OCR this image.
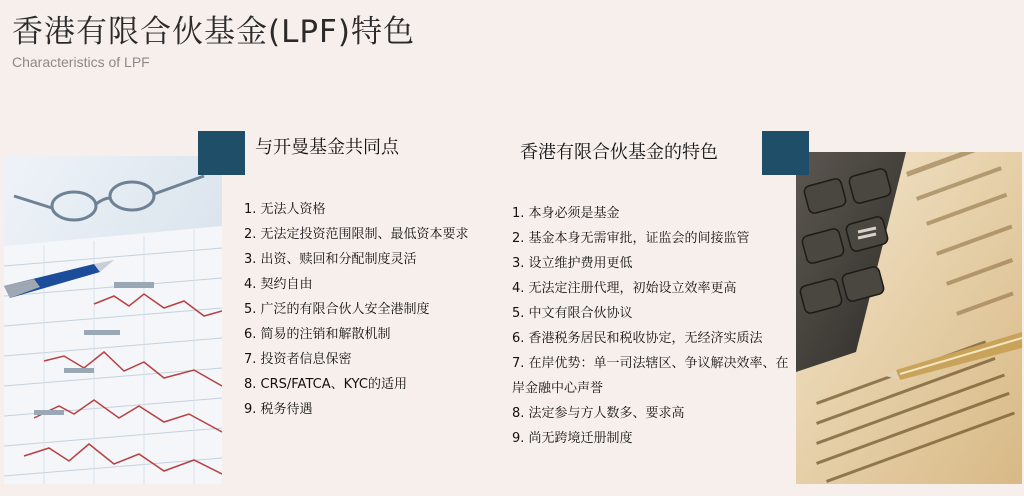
香港有限合伙基金(LPF)特色
Characteristics of LPF
与开曼基金共同点	香港有限合伙基金的特色
1. 无法人资格
2. 无法定投资范围限制、最低资本要求
3. 出资、赎回和分配制度灵活
4. 契约自由
5. 广泛的有限合伙人安全港制度
6. 简易的注销和解散机制
7. 投资者信息保密
8. CRS/FATCA、KYC的适用
9. 税务待遇
1. 本身必须是基金
2. 基金本身无需审批，证监会的间接监管
3. 设立维护费用更低
4. 无法定注册代理，初始设立效率更高
5. 中文有限合伙协议
6. 香港税务居民和税收协定，无经济实质法
7. 在岸优势：单一司法辖区、争议解决效率、在岸金融中心声誉
8. 法定参与方人数多、要求高
9. 尚无跨境迁册制度
